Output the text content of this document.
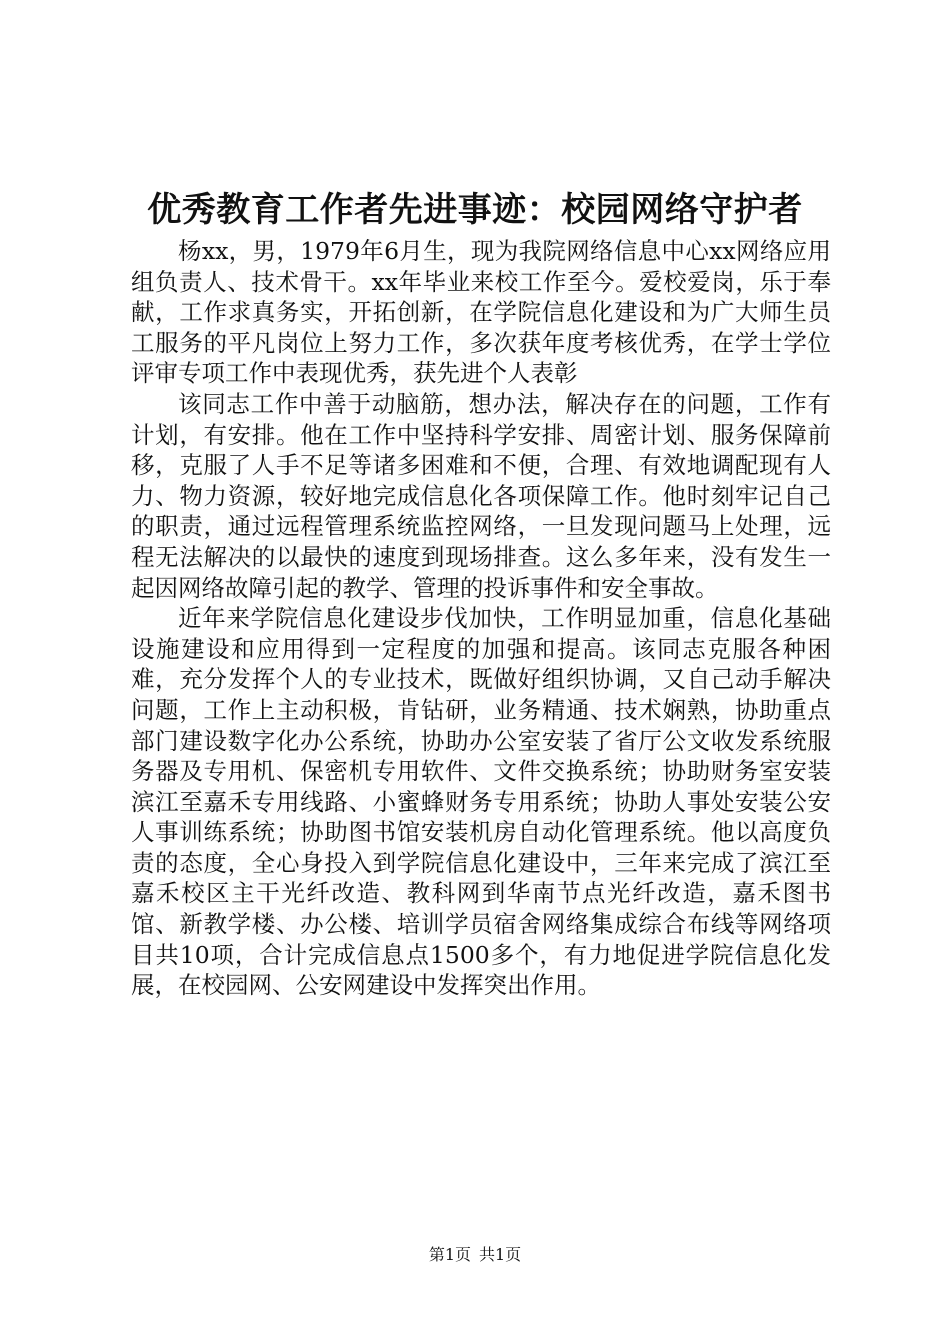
优秀教育工作者先进事迹：校园网络守护者

杨xx，男，1979年6月生，现为我院网络信息中心xx网络应用组负责人、技术骨干。xx年毕业来校工作至今。爱校爱岗，乐于奉献，工作求真务实，开拓创新，在学院信息化建设和为广大师生员工服务的平凡岗位上努力工作，多次获年度考核优秀，在学士学位评审专项工作中表现优秀，获先进个人表彰

该同志工作中善于动脑筋，想办法，解决存在的问题，工作有计划，有安排。他在工作中坚持科学安排、周密计划、服务保障前移，克服了人手不足等诸多困难和不便，合理、有效地调配现有人力、物力资源，较好地完成信息化各项保障工作。他时刻牢记自己的职责，通过远程管理系统监控网络，一旦发现问题马上处理，远程无法解决的以最快的速度到现场排查。这么多年来，没有发生一起因网络故障引起的教学、管理的投诉事件和安全事故。

近年来学院信息化建设步伐加快，工作明显加重，信息化基础设施建设和应用得到一定程度的加强和提高。该同志克服各种困难，充分发挥个人的专业技术，既做好组织协调，又自己动手解决问题，工作上主动积极，肯钻研，业务精通、技术娴熟，协助重点部门建设数字化办公系统，协助办公室安装了省厅公文收发系统服务器及专用机、保密机专用软件、文件交换系统；协助财务室安装滨江至嘉禾专用线路、小蜜蜂财务专用系统；协助人事处安装公安人事训练系统；协助图书馆安装机房自动化管理系统。他以高度负责的态度，全心身投入到学院信息化建设中，三年来完成了滨江至嘉禾校区主干光纤改造、教科网到华南节点光纤改造，嘉禾图书馆、新教学楼、办公楼、培训学员宿舍网络集成综合布线等网络项目共10项，合计完成信息点1500多个，有力地促进学院信息化发展，在校园网、公安网建设中发挥突出作用。

第1页 共1页
